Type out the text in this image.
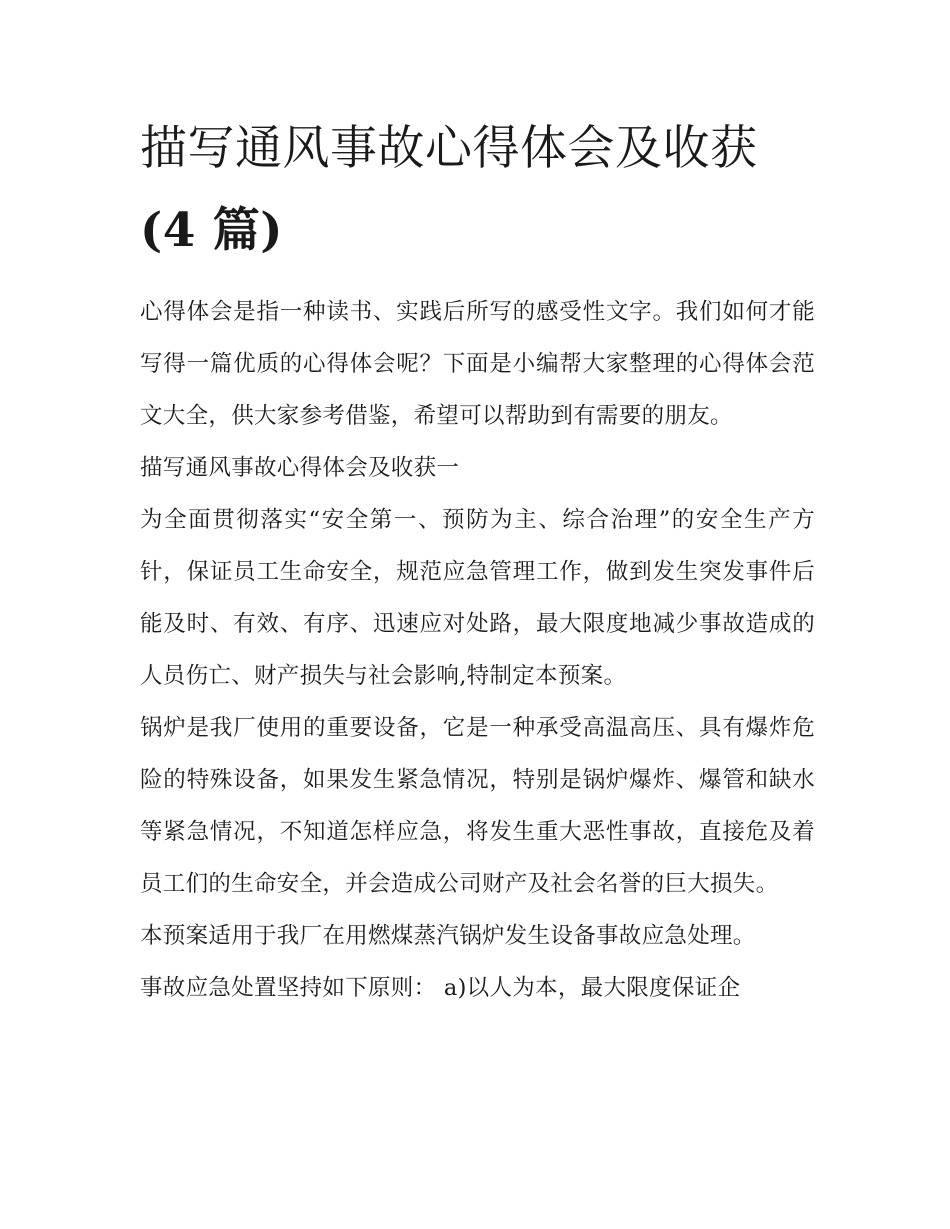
描写通风事故心得体会及收获
(4 篇)

心得体会是指一种读书、实践后所写的感受性文字。我们如何才能写得一篇优质的心得体会呢？下面是小编帮大家整理的心得体会范文大全，供大家参考借鉴，希望可以帮助到有需要的朋友。

描写通风事故心得体会及收获一

为全面贯彻落实“安全第一、预防为主、综合治理”的安全生产方针，保证员工生命安全，规范应急管理工作，做到发生突发事件后能及时、有效、有序、迅速应对处路，最大限度地减少事故造成的人员伤亡、财产损失与社会影响,特制定本预案。

锅炉是我厂使用的重要设备，它是一种承受高温高压、具有爆炸危险的特殊设备，如果发生紧急情况，特别是锅炉爆炸、爆管和缺水等紧急情况，不知道怎样应急，将发生重大恶性事故，直接危及着员工们的生命安全，并会造成公司财产及社会名誉的巨大损失。

本预案适用于我厂在用燃煤蒸汽锅炉发生设备事故应急处理。

事故应急处置坚持如下原则： a)以人为本，最大限度保证企
